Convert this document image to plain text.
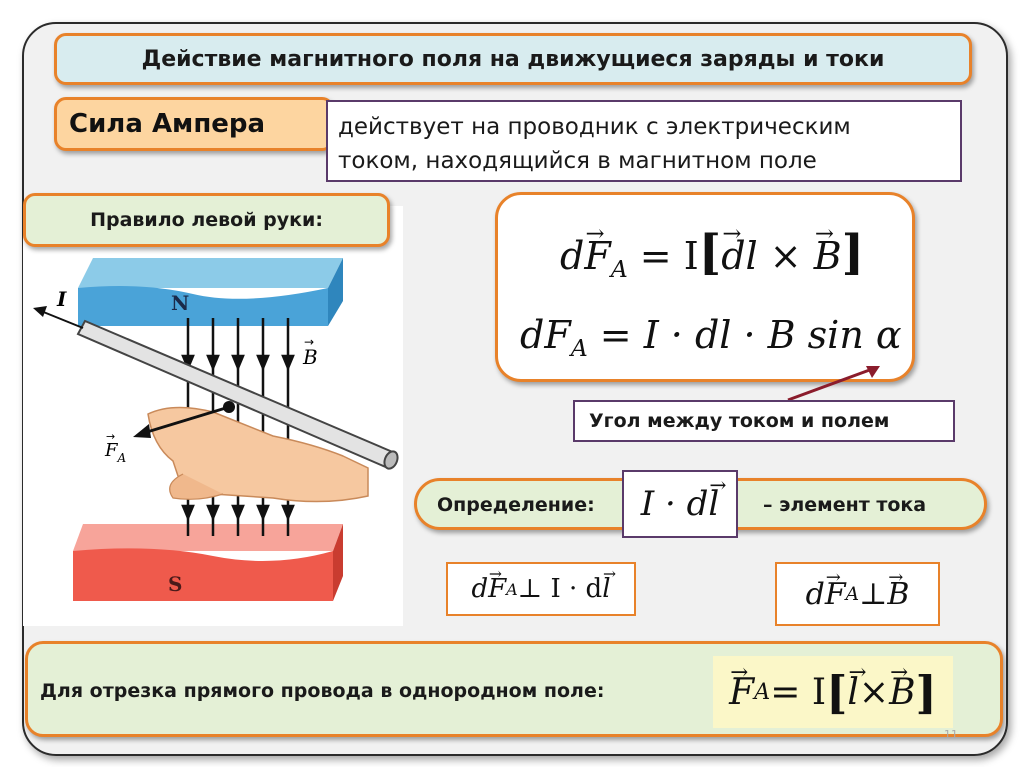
Действие магнитного поля на движущиеся заряды и токи
Сила Ампера	действует на проводник с электрическим
током, находящийся в магнитном поле
N
S
I
B
→
$F_A$
→
Правило левой руки:
$d\to F_A = I[\to$ dl × → B]
$dF_A = I$ · dl · B sin α
Угол между током и полем
Определение:	– элемент тока
I · d → l
d → F A ⊥ I · d → l	d → F A ⊥ → B
Для отрезка прямого провода в однородном поле:	→ F A = I [ → l × → B ]
11
